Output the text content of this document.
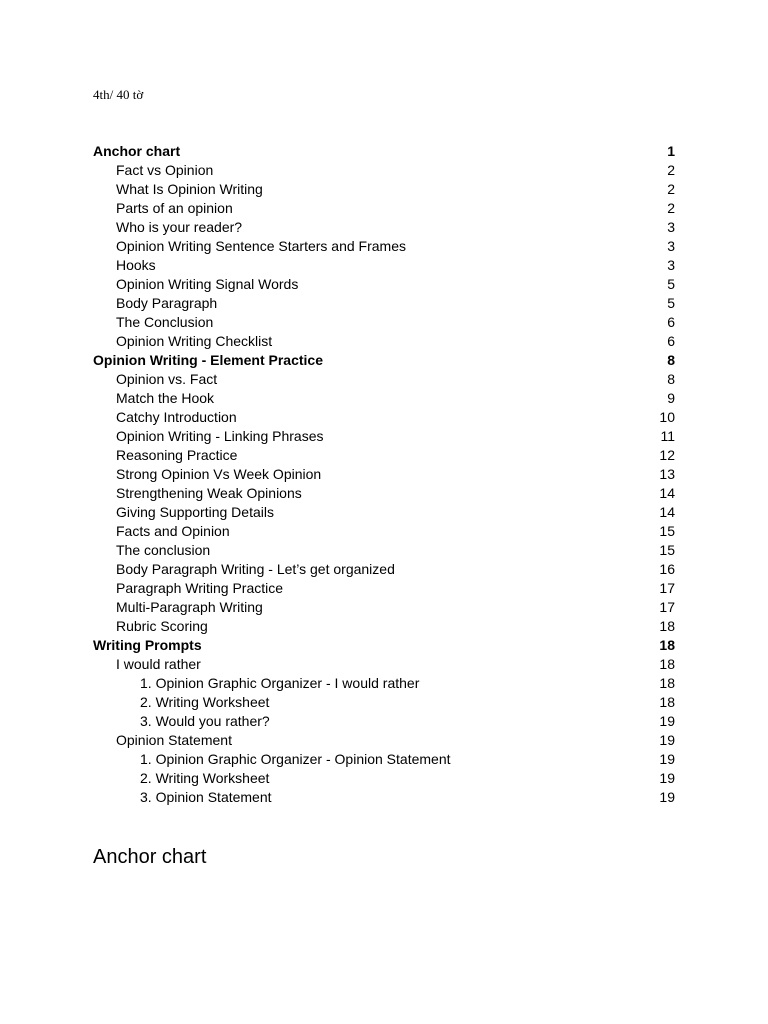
4th/ 40 tờ
Anchor chart	1
Fact vs Opinion	2
What Is Opinion Writing	2
Parts of an opinion	2
Who is your reader?	3
Opinion Writing Sentence Starters and Frames	3
Hooks	3
Opinion Writing Signal Words	5
Body Paragraph	5
The Conclusion	6
Opinion Writing Checklist	6
Opinion Writing - Element Practice	8
Opinion vs. Fact	8
Match the Hook	9
Catchy Introduction	10
Opinion Writing - Linking Phrases	11
Reasoning Practice	12
Strong Opinion Vs Week Opinion	13
Strengthening Weak Opinions	14
Giving Supporting Details	14
Facts and Opinion	15
The conclusion	15
Body Paragraph Writing - Let’s get organized	16
Paragraph Writing Practice	17
Multi-Paragraph Writing	17
Rubric Scoring	18
Writing Prompts	18
I would rather	18
1. Opinion Graphic Organizer - I would rather	18
2. Writing Worksheet	18
3. Would you rather?	19
Opinion Statement	19
1. Opinion Graphic Organizer - Opinion Statement	19
2. Writing Worksheet	19
3. Opinion Statement	19
Anchor chart
